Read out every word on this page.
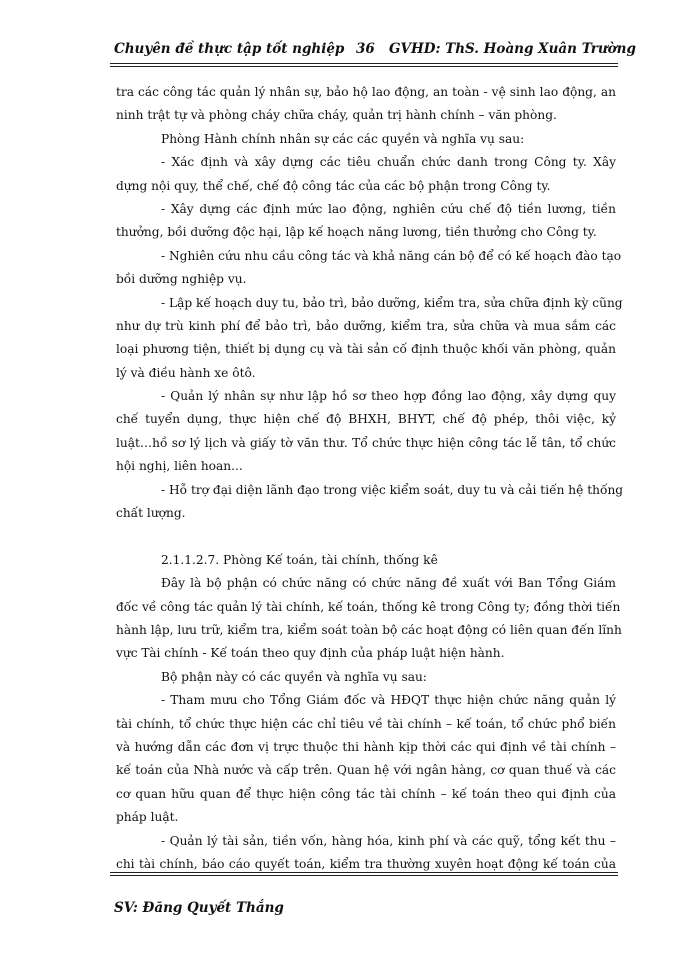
Chuyên đề thực tập tốt nghiệp 36 GVHD: ThS. Hoàng Xuân Trường
tra các công tác quản lý nhân sự, bảo hộ lao động, an toàn - vệ sinh lao động, an
ninh trật tự và phòng cháy chữa cháy, quản trị hành chính – văn phòng.
Phòng Hành chính nhân sự các các quyền và nghĩa vụ sau:
- Xác định và xây dựng các tiêu chuẩn chức danh trong Công ty. Xây
dựng nội quy, thể chế, chế độ công tác của các bộ phận trong Công ty.
- Xây dựng các định mức lao động, nghiên cứu chế độ tiền lương, tiền
thưởng, bồi dưỡng độc hại, lập kế hoạch năng lương, tiền thưởng cho Công ty.
- Nghiên cứu nhu cầu công tác và khả năng cán bộ để có kế hoạch đào tạo
bồi dưỡng nghiệp vụ.
- Lập kế hoạch duy tu, bảo trì, bảo dưỡng, kiểm tra, sửa chữa định kỳ cũng
như dự trù kinh phí để bảo trì, bảo dưỡng, kiểm tra, sửa chữa và mua sắm các
loại phương tiện, thiết bị dụng cụ và tài sản cố định thuộc khối văn phòng, quản
lý và điều hành xe ôtô.
- Quản lý nhân sự như lập hồ sơ theo hợp đồng lao động, xây dựng quy
chế tuyển dụng, thực hiện chế độ BHXH, BHYT, chế độ phép, thôi việc, kỷ
luật…hồ sơ lý lịch và giấy tờ văn thư. Tổ chức thực hiện công tác lễ tân, tổ chức
hội nghị, liên hoan...
- Hỗ trợ đại diện lãnh đạo trong việc kiểm soát, duy tu và cải tiến hệ thống
chất lượng.
2.1.1.2.7. Phòng Kế toán, tài chính, thống kê
Đây là bộ phận có chức năng có chức năng đề xuất với Ban Tổng Giám
đốc về công tác quản lý tài chính, kế toán, thống kê trong Công ty; đồng thời tiến
hành lập, lưu trữ, kiểm tra, kiểm soát toàn bộ các hoạt động có liên quan đến lĩnh
vực Tài chính - Kế toán theo quy định của pháp luật hiện hành.
Bộ phận này có các quyền và nghĩa vụ sau:
- Tham mưu cho Tổng Giám đốc và HĐQT thực hiện chức năng quản lý
tài chính, tổ chức thực hiện các chỉ tiêu về tài chính – kế toán, tổ chức phổ biến
và hướng dẫn các đơn vị trực thuộc thi hành kịp thời các qui định về tài chính –
kế toán của Nhà nước và cấp trên. Quan hệ với ngân hàng, cơ quan thuế và các
cơ quan hữu quan để thực hiện công tác tài chính – kế toán theo qui định của
pháp luật.
- Quản lý tài sản, tiền vốn, hàng hóa, kinh phí và các quỹ, tổng kết thu –
chi tài chính, báo cáo quyết toán, kiểm tra thường xuyên hoạt động kế toán của
SV: Đăng Quyết Thắng
